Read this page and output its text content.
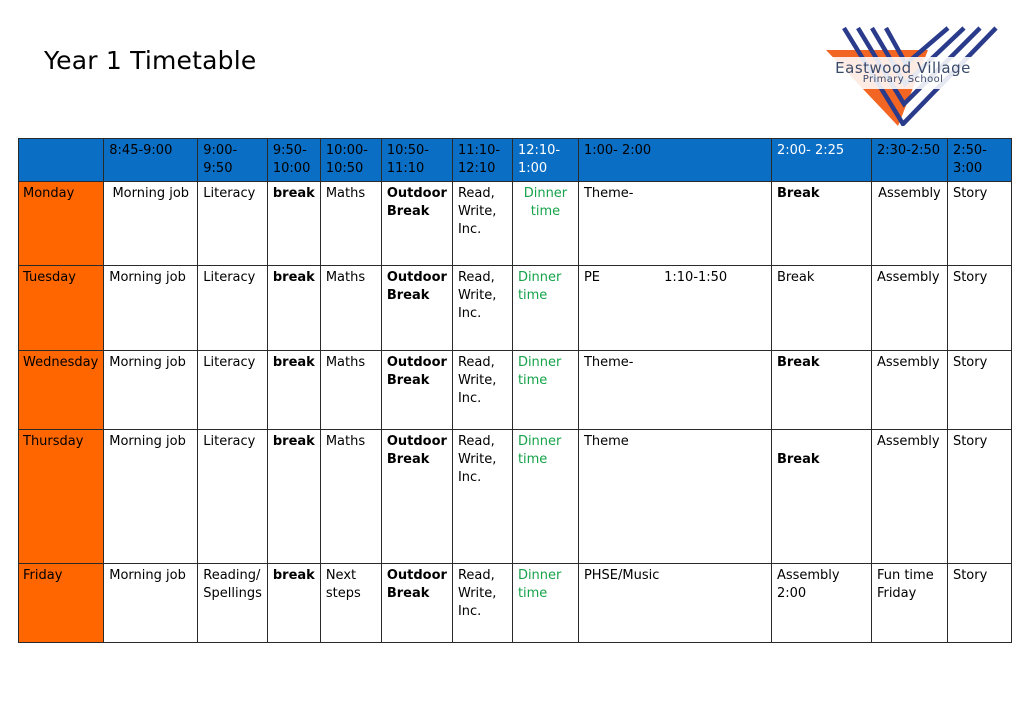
Year 1 Timetable	Eastwood Village
Primary School
	8:45-9:00	9:00-9:50	9:50-10:00	10:00-10:50	10:50-11:10	11:10-12:10	12:10-1:00	1:00- 2:00	2:00- 2:25	2:30-2:50	2:50-3:00
Monday	Morning job	Literacy	break	Maths	Outdoor Break	Read, Write, Inc.	Dinner time	Theme-	Break	Assembly	Story
Tuesday	Morning job	Literacy	break	Maths	Outdoor Break	Read, Write, Inc.	Dinner time	PE 1:10-1:50	Break	Assembly	Story
Wednesday	Morning job	Literacy	break	Maths	Outdoor Break	Read, Write, Inc.	Dinner time	Theme-	Break	Assembly	Story
Thursday	Morning job	Literacy	break	Maths	Outdoor Break	Read, Write, Inc.	Dinner time	Theme	Break	Assembly	Story
Friday	Morning job	Reading/ Spellings	break	Next steps	Outdoor Break	Read, Write, Inc.	Dinner time	PHSE/Music	Assembly 2:00	Fun time Friday	Story
